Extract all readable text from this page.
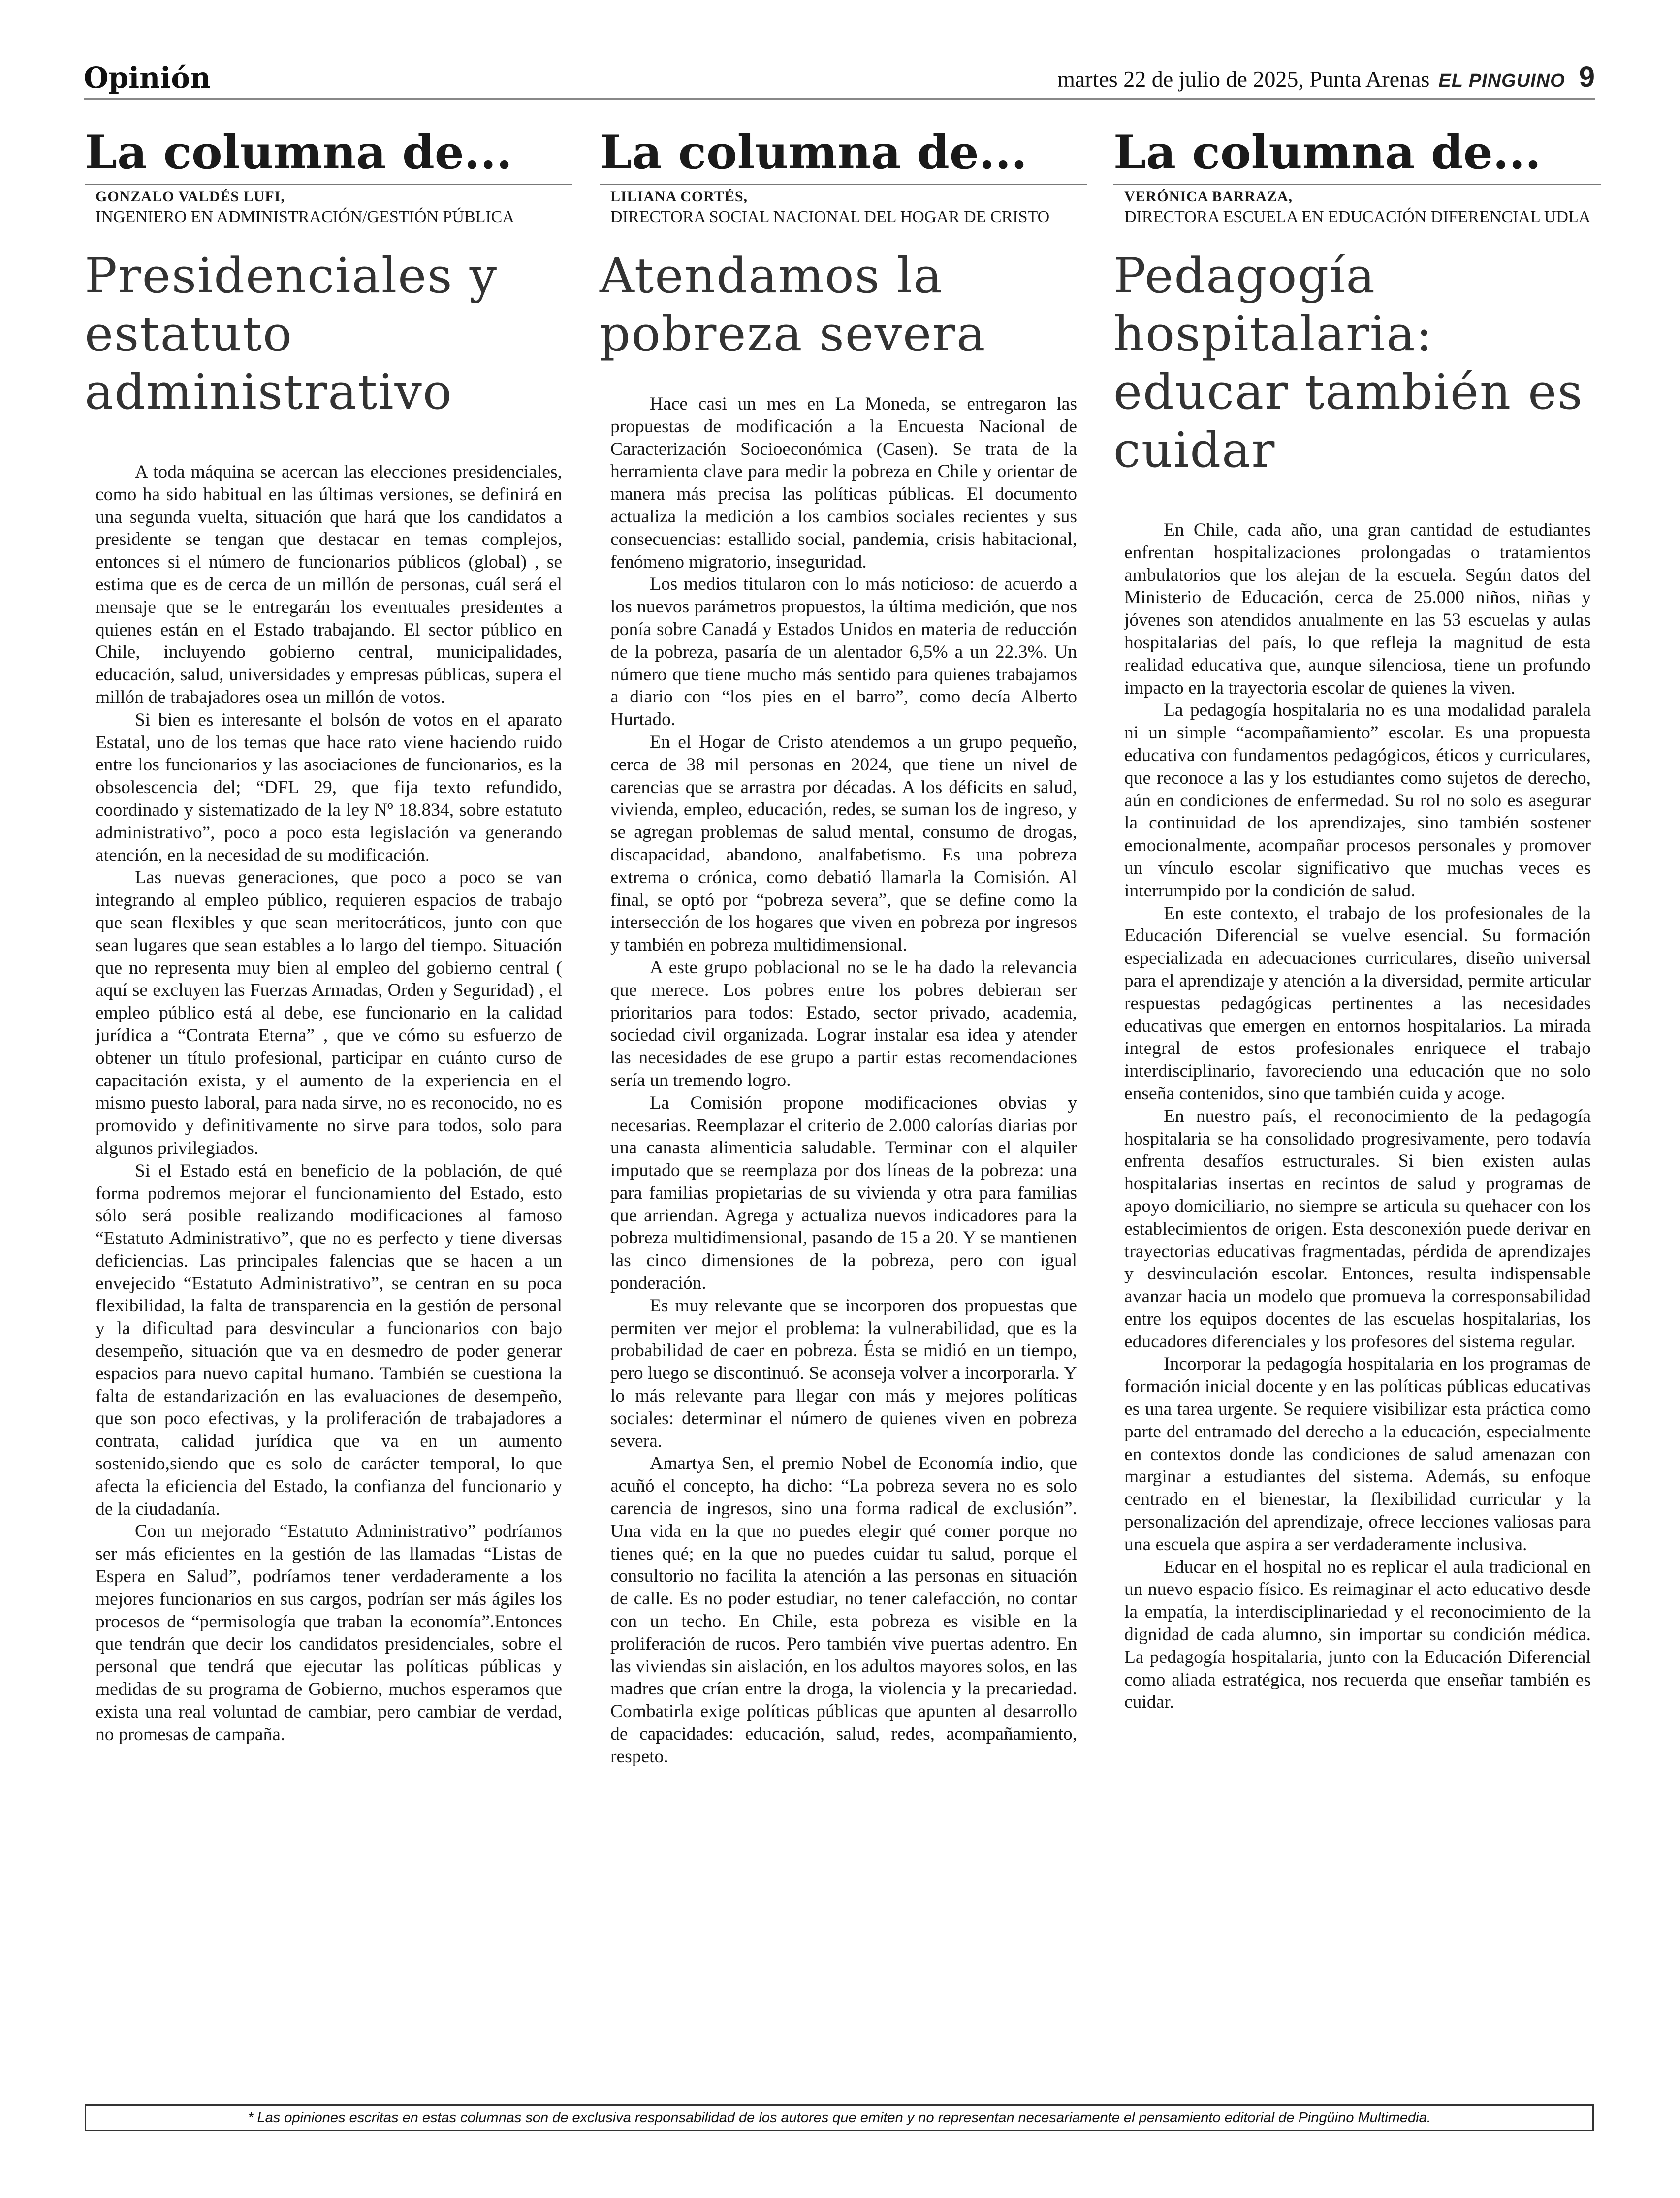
Opinión	martes 22 de julio de 2025, Punta Arenas EL PINGUINO 9
La columna de...
GONZALO VALDÉS LUFI,
INGENIERO EN ADMINISTRACIÓN/GESTIÓN PÚBLICA
Presidenciales y estatuto administrativo

A toda máquina se acercan las elecciones presidenciales, como ha sido habitual en las últimas versiones, se definirá en una segunda vuelta, situación que hará que los candidatos a presidente se tengan que destacar en temas complejos, entonces si el número de funcionarios públicos (global) , se estima que es de cerca de un millón de personas, cuál será el mensaje que se le entregarán los eventuales presidentes a quienes están en el Estado trabajando. El sector público en Chile, incluyendo gobierno central, municipalidades, educación, salud, universidades y empresas públicas, supera el millón de trabajadores osea un millón de votos.

Si bien es interesante el bolsón de votos en el aparato Estatal, uno de los temas que hace rato viene haciendo ruido entre los funcionarios y las asociaciones de funcionarios, es la obsolescencia del; “DFL 29, que fija texto refundido, coordinado y sistematizado de la ley Nº 18.834, sobre estatuto administrativo”, poco a poco esta legislación va generando atención, en la necesidad de su modificación.

Las nuevas generaciones, que poco a poco se van integrando al empleo público, requieren espacios de trabajo que sean flexibles y que sean meritocráticos, junto con que sean lugares que sean estables a lo largo del tiempo. Situación que no representa muy bien al empleo del gobierno central ( aquí se excluyen las Fuerzas Armadas, Orden y Seguridad) , el empleo público está al debe, ese funcionario en la calidad jurídica a “Contrata Eterna” , que ve cómo su esfuerzo de obtener un título profesional, participar en cuánto curso de capacitación exista, y el aumento de la experiencia en el mismo puesto laboral, para nada sirve, no es reconocido, no es promovido y definitivamente no sirve para todos, solo para algunos privilegiados.

Si el Estado está en beneficio de la población, de qué forma podremos mejorar el funcionamiento del Estado, esto sólo será posible realizando modificaciones al famoso “Estatuto Administrativo”, que no es perfecto y tiene diversas deficiencias. Las principales falencias que se hacen a un envejecido “Estatuto Administrativo”, se centran en su poca flexibilidad, la falta de transparencia en la gestión de personal y la dificultad para desvincular a funcionarios con bajo desempeño, situación que va en desmedro de poder generar espacios para nuevo capital humano. También se cuestiona la falta de estandarización en las evaluaciones de desempeño, que son poco efectivas, y la proliferación de trabajadores a contrata, calidad jurídica que va en un aumento sostenido,siendo que es solo de carácter temporal, lo que afecta la eficiencia del Estado, la confianza del funcionario y de la ciudadanía.

Con un mejorado “Estatuto Administrativo” podríamos ser más eficientes en la gestión de las llamadas “Listas de Espera en Salud”, podríamos tener verdaderamente a los mejores funcionarios en sus cargos, podrían ser más ágiles los procesos de “permisología que traban la economía”.Entonces que tendrán que decir los candidatos presidenciales, sobre el personal que tendrá que ejecutar las políticas públicas y medidas de su programa de Gobierno, muchos esperamos que exista una real voluntad de cambiar, pero cambiar de verdad, no promesas de campaña.

La columna de...
LILIANA CORTÉS,
DIRECTORA SOCIAL NACIONAL DEL HOGAR DE CRISTO
Atendamos la pobreza severa

Hace casi un mes en La Moneda, se entregaron las propuestas de modificación a la Encuesta Nacional de Caracterización Socioeconómica (Casen). Se trata de la herramienta clave para medir la pobreza en Chile y orientar de manera más precisa las políticas públicas. El documento actualiza la medición a los cambios sociales recientes y sus consecuencias: estallido social, pandemia, crisis habitacional, fenómeno migratorio, inseguridad.

Los medios titularon con lo más noticioso: de acuerdo a los nuevos parámetros propuestos, la última medición, que nos ponía sobre Canadá y Estados Unidos en materia de reducción de la pobreza, pasaría de un alentador 6,5% a un 22.3%. Un número que tiene mucho más sentido para quienes trabajamos a diario con “los pies en el barro”, como decía Alberto Hurtado.

En el Hogar de Cristo atendemos a un grupo pequeño, cerca de 38 mil personas en 2024, que tiene un nivel de carencias que se arrastra por décadas. A los déficits en salud, vivienda, empleo, educación, redes, se suman los de ingreso, y se agregan problemas de salud mental, consumo de drogas, discapacidad, abandono, analfabetismo. Es una pobreza extrema o crónica, como debatió llamarla la Comisión. Al final, se optó por “pobreza severa”, que se define como la intersección de los hogares que viven en pobreza por ingresos y también en pobreza multidimensional.

A este grupo poblacional no se le ha dado la relevancia que merece. Los pobres entre los pobres debieran ser prioritarios para todos: Estado, sector privado, academia, sociedad civil organizada. Lograr instalar esa idea y atender las necesidades de ese grupo a partir estas recomendaciones sería un tremendo logro.

La Comisión propone modificaciones obvias y necesarias. Reemplazar el criterio de 2.000 calorías diarias por una canasta alimenticia saludable. Terminar con el alquiler imputado que se reemplaza por dos líneas de la pobreza: una para familias propietarias de su vivienda y otra para familias que arriendan. Agrega y actualiza nuevos indicadores para la pobreza multidimensional, pasando de 15 a 20. Y se mantienen las cinco dimensiones de la pobreza, pero con igual ponderación.

Es muy relevante que se incorporen dos propuestas que permiten ver mejor el problema: la vulnerabilidad, que es la probabilidad de caer en pobreza. Ésta se midió en un tiempo, pero luego se discontinuó. Se aconseja volver a incorporarla. Y lo más relevante para llegar con más y mejores políticas sociales: determinar el número de quienes viven en pobreza severa.

Amartya Sen, el premio Nobel de Economía indio, que acuñó el concepto, ha dicho: “La pobreza severa no es solo carencia de ingresos, sino una forma radical de exclusión”. Una vida en la que no puedes elegir qué comer porque no tienes qué; en la que no puedes cuidar tu salud, porque el consultorio no facilita la atención a las personas en situación de calle. Es no poder estudiar, no tener calefacción, no contar con un techo. En Chile, esta pobreza es visible en la proliferación de rucos. Pero también vive puertas adentro. En las viviendas sin aislación, en los adultos mayores solos, en las madres que crían entre la droga, la violencia y la precariedad. Combatirla exige políticas públicas que apunten al desarrollo de capacidades: educación, salud, redes, acompañamiento, respeto.

La columna de...
VERÓNICA BARRAZA,
DIRECTORA ESCUELA EN EDUCACIÓN DIFERENCIAL UDLA
Pedagogía hospitalaria: educar también es cuidar

En Chile, cada año, una gran cantidad de estudiantes enfrentan hospitalizaciones prolongadas o tratamientos ambulatorios que los alejan de la escuela. Según datos del Ministerio de Educación, cerca de 25.000 niños, niñas y jóvenes son atendidos anualmente en las 53 escuelas y aulas hospitalarias del país, lo que refleja la magnitud de esta realidad educativa que, aunque silenciosa, tiene un profundo impacto en la trayectoria escolar de quienes la viven.

La pedagogía hospitalaria no es una modalidad paralela ni un simple “acompañamiento” escolar. Es una propuesta educativa con fundamentos pedagógicos, éticos y curriculares, que reconoce a las y los estudiantes como sujetos de derecho, aún en condiciones de enfermedad. Su rol no solo es asegurar la continuidad de los aprendizajes, sino también sostener emocionalmente, acompañar procesos personales y promover un vínculo escolar significativo que muchas veces es interrumpido por la condición de salud.

En este contexto, el trabajo de los profesionales de la Educación Diferencial se vuelve esencial. Su formación especializada en adecuaciones curriculares, diseño universal para el aprendizaje y atención a la diversidad, permite articular respuestas pedagógicas pertinentes a las necesidades educativas que emergen en entornos hospitalarios. La mirada integral de estos profesionales enriquece el trabajo interdisciplinario, favoreciendo una educación que no solo enseña contenidos, sino que también cuida y acoge.

En nuestro país, el reconocimiento de la pedagogía hospitalaria se ha consolidado progresivamente, pero todavía enfrenta desafíos estructurales. Si bien existen aulas hospitalarias insertas en recintos de salud y programas de apoyo domiciliario, no siempre se articula su quehacer con los establecimientos de origen. Esta desconexión puede derivar en trayectorias educativas fragmentadas, pérdida de aprendizajes y desvinculación escolar. Entonces, resulta indispensable avanzar hacia un modelo que promueva la corresponsabilidad entre los equipos docentes de las escuelas hospitalarias, los educadores diferenciales y los profesores del sistema regular.

Incorporar la pedagogía hospitalaria en los programas de formación inicial docente y en las políticas públicas educativas es una tarea urgente. Se requiere visibilizar esta práctica como parte del entramado del derecho a la educación, especialmente en contextos donde las condiciones de salud amenazan con marginar a estudiantes del sistema. Además, su enfoque centrado en el bienestar, la flexibilidad curricular y la personalización del aprendizaje, ofrece lecciones valiosas para una escuela que aspira a ser verdaderamente inclusiva.

Educar en el hospital no es replicar el aula tradicional en un nuevo espacio físico. Es reimaginar el acto educativo desde la empatía, la interdisciplinariedad y el reconocimiento de la dignidad de cada alumno, sin importar su condición médica. La pedagogía hospitalaria, junto con la Educación Diferencial como aliada estratégica, nos recuerda que enseñar también es cuidar.

* Las opiniones escritas en estas columnas son de exclusiva responsabilidad de los autores que emiten y no representan necesariamente el pensamiento editorial de Pingüino Multimedia.
